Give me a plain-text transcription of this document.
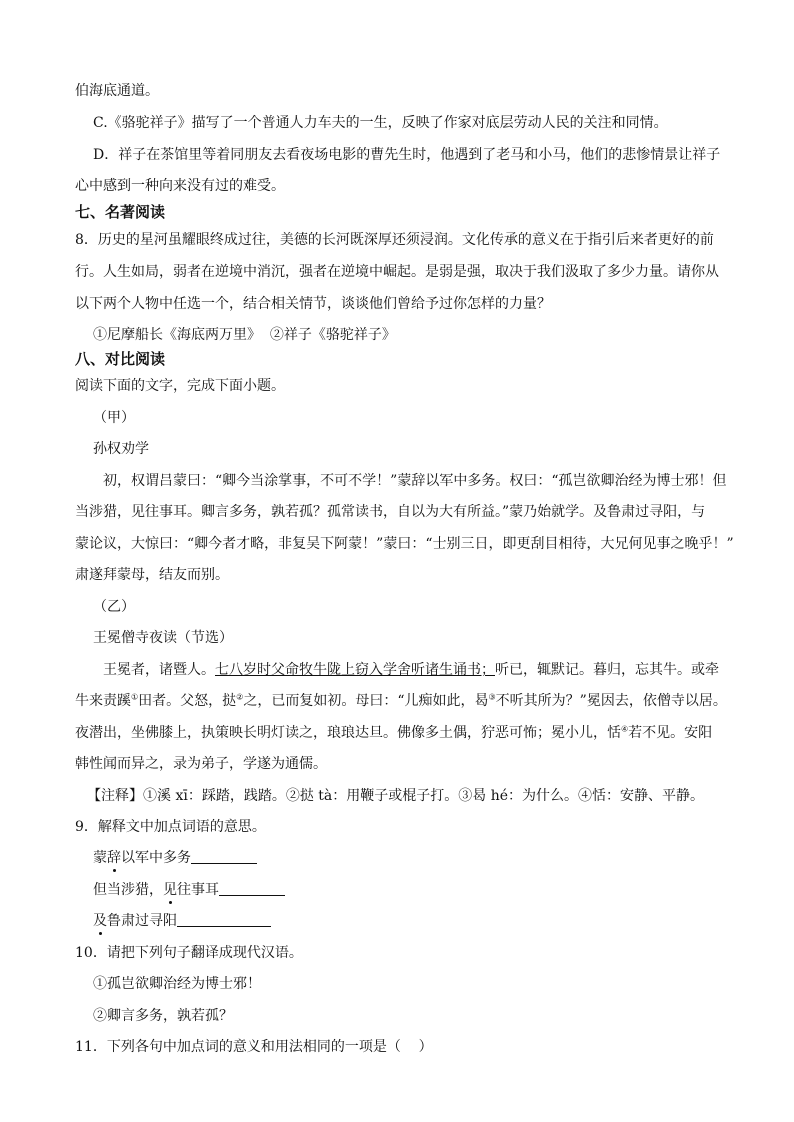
伯海底通道。
C.《骆驼祥子》描写了一个普通人力车夫的一生，反映了作家对底层劳动人民的关注和同情。
D．祥子在茶馆里等着同朋友去看夜场电影的曹先生时，他遇到了老马和小马，他们的悲惨情景让祥子
心中感到一种向来没有过的难受。
七、名著阅读
8．历史的星河虽耀眼终成过往，美德的长河既深厚还须浸润。文化传承的意义在于指引后来者更好的前
行。人生如局，弱者在逆境中消沉，强者在逆境中崛起。是弱是强，取决于我们汲取了多少力量。请你从
以下两个人物中任选一个，结合相关情节，谈谈他们曾给予过你怎样的力量？
①尼摩船长《海底两万里》  ②祥子《骆驼祥子》
八、对比阅读
阅读下面的文字，完成下面小题。
（甲）
孙权劝学
初，权谓吕蒙曰：“卿今当涂掌事，不可不学！”蒙辞以军中多务。权曰：“孤岂欲卿治经为博士邪！但
当涉猎，见往事耳。卿言多务，孰若孤？孤常读书，自以为大有所益。”蒙乃始就学。及鲁肃过寻阳，与
蒙论议，大惊曰：“卿今者才略，非复吴下阿蒙！”蒙曰：“士别三日，即更刮目相待，大兄何见事之晚乎！”
肃遂拜蒙母，结友而别。
（乙）
王冕僧寺夜读（节选）
王冕者，诸暨人。七八岁时父命牧牛陇上窃入学舍听诸生诵书；听已，辄默记。暮归，忘其牛。或牵
牛来责蹊①田者。父怒，挞②之，已而复如初。母曰：“儿痴如此，曷③不听其所为？”冕因去，依僧寺以居。
夜潜出，坐佛膝上，执策映长明灯读之，琅琅达旦。佛像多土偶，狞恶可怖；冕小儿，恬④若不见。安阳
韩性闻而异之，录为弟子，学遂为通儒。
【注释】①溪 xī：踩踏，践踏。②挞 tà：用鞭子或棍子打。③曷 hé：为什么。④恬：安静、平静。
9．解释文中加点词语的意思。
蒙辞以军中多务
但当涉猎，见往事耳
及鲁肃过寻阳
10．请把下列句子翻译成现代汉语。
①孤岂欲卿治经为博士邪！
②卿言多务，孰若孤？
11．下列各句中加点词的意义和用法相同的一项是（    ）
